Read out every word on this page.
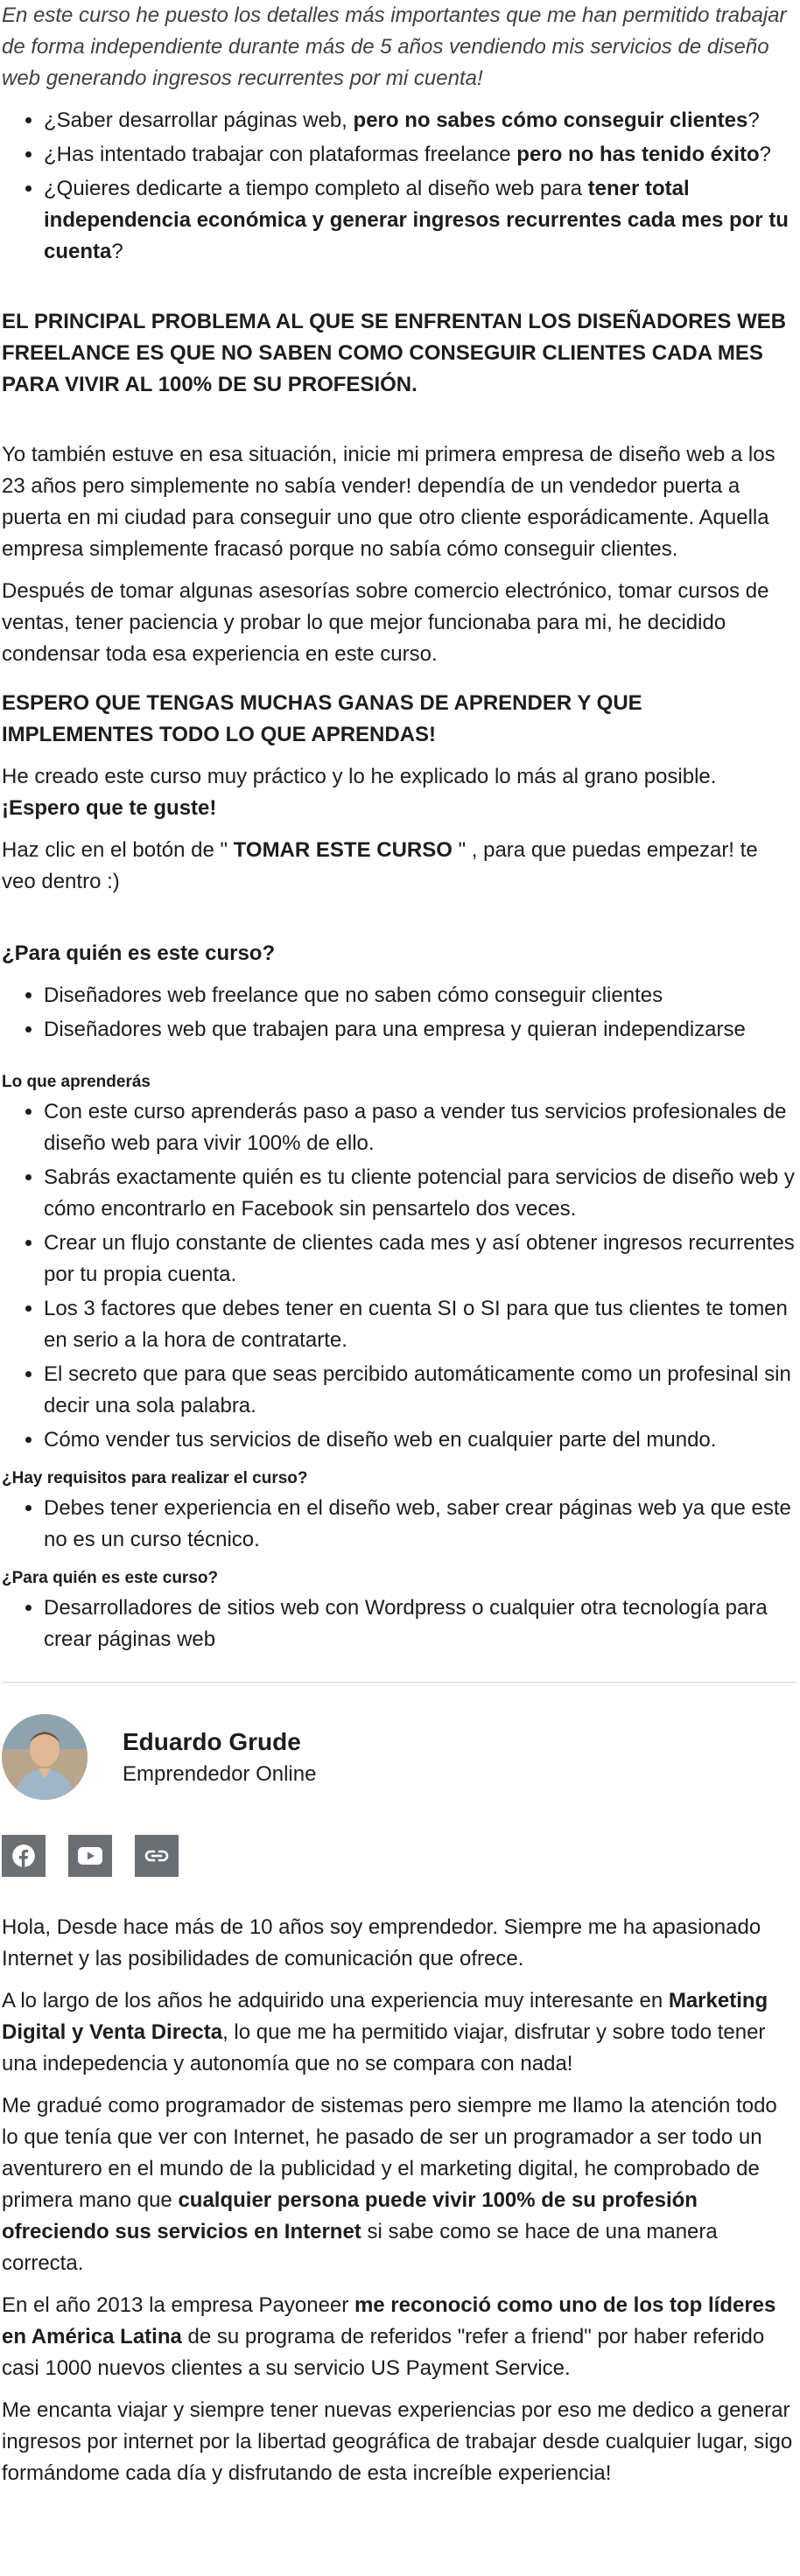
En este curso he puesto los detalles más importantes que me han permitido trabajar de forma independiente durante más de 5 años vendiendo mis servicios de diseño web generando ingresos recurrentes por mi cuenta!

• ¿Saber desarrollar páginas web, pero no sabes cómo conseguir clientes?
• ¿Has intentado trabajar con plataformas freelance pero no has tenido éxito?
• ¿Quieres dedicarte a tiempo completo al diseño web para tener total independencia económica y generar ingresos recurrentes cada mes por tu cuenta?

EL PRINCIPAL PROBLEMA AL QUE SE ENFRENTAN LOS DISEÑADORES WEB FREELANCE ES QUE NO SABEN COMO CONSEGUIR CLIENTES CADA MES PARA VIVIR AL 100% DE SU PROFESIÓN.

Yo también estuve en esa situación, inicie mi primera empresa de diseño web a los 23 años pero simplemente no sabía vender! dependía de un vendedor puerta a puerta en mi ciudad para conseguir uno que otro cliente esporádicamente. Aquella empresa simplemente fracasó porque no sabía cómo conseguir clientes.

Después de tomar algunas asesorías sobre comercio electrónico, tomar cursos de ventas, tener paciencia y probar lo que mejor funcionaba para mi, he decidido condensar toda esa experiencia en este curso.

ESPERO QUE TENGAS MUCHAS GANAS DE APRENDER Y QUE IMPLEMENTES TODO LO QUE APRENDAS!

He creado este curso muy práctico y lo he explicado lo más al grano posible.
¡Espero que te guste!

Haz clic en el botón de " TOMAR ESTE CURSO " , para que puedas empezar! te veo dentro :)

¿Para quién es este curso?

• Diseñadores web freelance que no saben cómo conseguir clientes
• Diseñadores web que trabajen para una empresa y quieran independizarse

Lo que aprenderás

• Con este curso aprenderás paso a paso a vender tus servicios profesionales de diseño web para vivir 100% de ello.
• Sabrás exactamente quién es tu cliente potencial para servicios de diseño web y cómo encontrarlo en Facebook sin pensartelo dos veces.
• Crear un flujo constante de clientes cada mes y así obtener ingresos recurrentes por tu propia cuenta.
• Los 3 factores que debes tener en cuenta SI o SI para que tus clientes te tomen en serio a la hora de contratarte.
• El secreto que para que seas percibido automáticamente como un profesinal sin decir una sola palabra.
• Cómo vender tus servicios de diseño web en cualquier parte del mundo.

¿Hay requisitos para realizar el curso?

• Debes tener experiencia en el diseño web, saber crear páginas web ya que este no es un curso técnico.

¿Para quién es este curso?

• Desarrolladores de sitios web con Wordpress o cualquier otra tecnología para crear páginas web
Eduardo Grude
Emprendedor Online

Hola, Desde hace más de 10 años soy emprendedor. Siempre me ha apasionado Internet y las posibilidades de comunicación que ofrece.

A lo largo de los años he adquirido una experiencia muy interesante en Marketing Digital y Venta Directa, lo que me ha permitido viajar, disfrutar y sobre todo tener una indepedencia y autonomía que no se compara con nada!

Me gradué como programador de sistemas pero siempre me llamo la atención todo lo que tenía que ver con Internet, he pasado de ser un programador a ser todo un aventurero en el mundo de la publicidad y el marketing digital, he comprobado de primera mano que cualquier persona puede vivir 100% de su profesión ofreciendo sus servicios en Internet si sabe como se hace de una manera correcta.

En el año 2013 la empresa Payoneer me reconoció como uno de los top líderes en América Latina de su programa de referidos "refer a friend" por haber referido casi 1000 nuevos clientes a su servicio US Payment Service.

Me encanta viajar y siempre tener nuevas experiencias por eso me dedico a generar ingresos por internet por la libertad geográfica de trabajar desde cualquier lugar, sigo formándome cada día y disfrutando de esta increíble experiencia!
